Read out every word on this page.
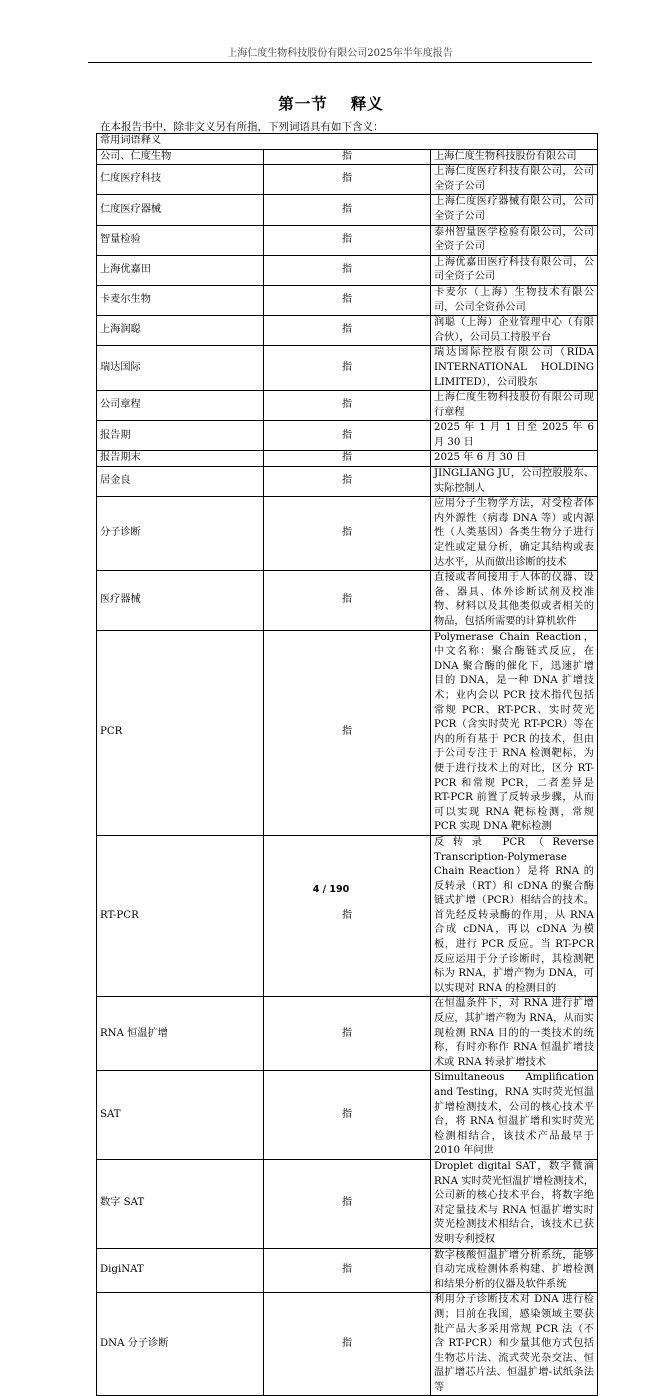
上海仁度生物科技股份有限公司2025年半年度报告
第一节　 释义
在本报告书中，除非文义另有所指，下列词语具有如下含义：
常用词语释义		
公司、仁度生物	指	上海仁度生物科技股份有限公司
仁度医疗科技	指	上海仁度医疗科技有限公司，公司全资子公司
仁度医疗器械	指	上海仁度医疗器械有限公司，公司全资子公司
智量检验	指	泰州智量医学检验有限公司，公司全资子公司
上海优嘉田	指	上海优嘉田医疗科技有限公司，公司全资子公司
卡麦尔生物	指	卡麦尔（上海）生物技术有限公司，公司全资孙公司
上海润聪	指	润聪（上海）企业管理中心（有限合伙），公司员工持股平台
瑞达国际	指	瑞达国际控股有限公司（RIDA INTERNATIONAL HOLDING LIMITED），公司股东
公司章程	指	上海仁度生物科技股份有限公司现行章程
报告期	指	2025 年 1 月 1 日至 2025 年 6 月 30 日
报告期末	指	2025 年 6 月 30 日
居金良	指	JINGLIANG JU，公司控股股东、实际控制人
分子诊断	指	应用分子生物学方法，对受检者体内外源性（病毒 DNA 等）或内源性（人类基因）各类生物分子进行定性或定量分析，确定其结构或表达水平，从而做出诊断的技术
医疗器械	指	直接或者间接用于人体的仪器、设备、器具、体外诊断试剂及校准物、材料以及其他类似或者相关的物品，包括所需要的计算机软件
PCR	指	Polymerase Chain Reaction，中文名称：聚合酶链式反应，在 DNA 聚合酶的催化下，迅速扩增目的 DNA，是一种 DNA 扩增技术；业内会以 PCR 技术指代包括常规 PCR、RT-PCR、实时荧光 PCR（含实时荧光 RT-PCR）等在内的所有基于 PCR 的技术，但由于公司专注于 RNA 检测靶标，为便于进行技术上的对比，区分 RT-PCR 和常规 PCR，二者差异是 RT-PCR 前置了反转录步骤，从而可以实现 RNA 靶标检测，常规 PCR 实现 DNA 靶标检测
RT-PCR	指	反转录 PCR（Reverse Transcription-Polymerase Chain Reaction）是将 RNA 的反转录（RT）和 cDNA 的聚合酶链式扩增（PCR）相结合的技术。首先经反转录酶的作用，从 RNA 合成 cDNA，再以 cDNA 为模板，进行 PCR 反应。当 RT-PCR 反应运用于分子诊断时，其检测靶标为 RNA，扩增产物为 DNA，可以实现对 RNA 的检测目的
RNA 恒温扩增	指	在恒温条件下，对 RNA 进行扩增反应，其扩增产物为 RNA，从而实现检测 RNA 目的的一类技术的统称，有时亦称作 RNA 恒温扩增技术或 RNA 转录扩增技术
SAT	指	Simultaneous Amplification and Testing，RNA 实时荧光恒温扩增检测技术，公司的核心技术平台，将 RNA 恒温扩增和实时荧光检测相结合，该技术产品最早于 2010 年问世
数字 SAT	指	Droplet digital SAT，数字微滴 RNA 实时荧光恒温扩增检测技术，公司新的核心技术平台，将数字绝对定量技术与 RNA 恒温扩增实时荧光检测技术相结合，该技术已获发明专利授权
DigiNAT	指	数字核酸恒温扩增分析系统，能够自动完成检测体系构建、扩增检测和结果分析的仪器及软件系统
DNA 分子诊断	指	利用分子诊断技术对 DNA 进行检测；目前在我国，感染领域主要获批产品大多采用常规 PCR 法（不含 RT-PCR）和少量其他方式包括生物芯片法、流式荧光杂交法、恒温扩增芯片法、恒温扩增-试纸条法等
4 / 190
